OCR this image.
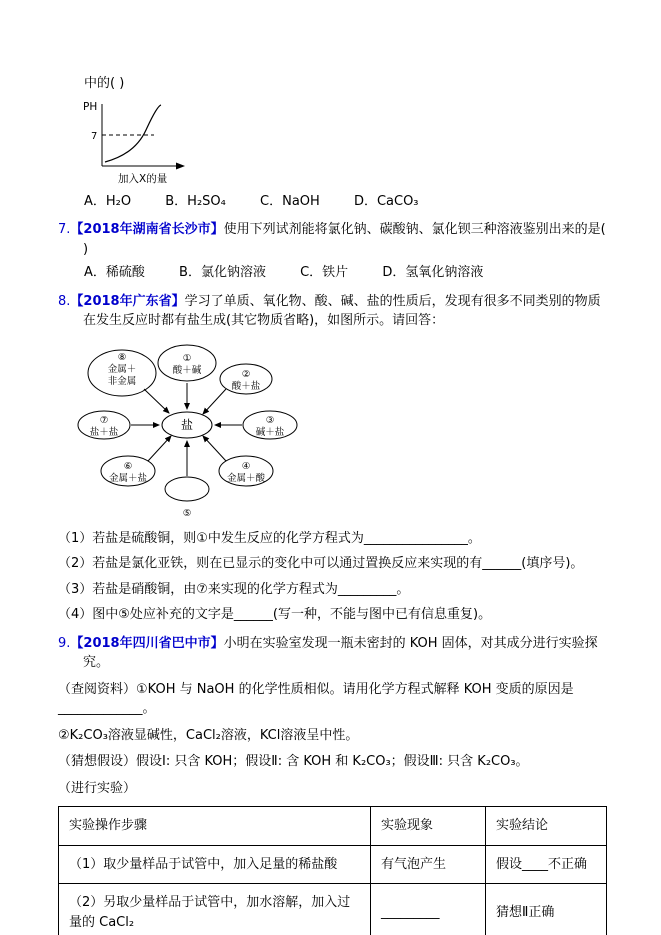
中的( )
PH
7
加入X的量
A．H₂O	B．H₂SO₄	C．NaOH	D．CaCO₃
7.【2018年湖南省长沙市】使用下列试剂能将氯化钠、碳酸钠、氯化钡三种溶液鉴别出来的是( )
A．稀硫酸	B．氯化钠溶液	C．铁片	D．氢氧化钠溶液
8.【2018年广东省】学习了单质、氧化物、酸、碱、盐的性质后，发现有很多不同类别的物质在发生反应时都有盐生成(其它物质省略)，如图所示。请回答：
盐
①
酸＋碱	②
酸＋盐
③
碱＋盐
④
金属＋酸
⑤
⑥
金属＋盐
⑦
盐＋盐
⑧
金属＋
非金属
（1）若盐是硫酸铜，则①中发生反应的化学方程式为________________。
（2）若盐是氯化亚铁，则在已显示的变化中可以通过置换反应来实现的有______(填序号)。
（3）若盐是硝酸铜，由⑦来实现的化学方程式为_________。
（4）图中⑤处应补充的文字是______(写一种，不能与图中已有信息重复)。
9.【2018年四川省巴中市】小明在实验室发现一瓶未密封的 KOH 固体，对其成分进行实验探究。
（查阅资料）①KOH 与 NaOH 的化学性质相似。请用化学方程式解释 KOH 变质的原因是_____________。
②K₂CO₃溶液显碱性，CaCl₂溶液，KCl溶液呈中性。
（猜想假设）假设Ⅰ: 只含 KOH；假设Ⅱ: 含 KOH 和 K₂CO₃；假设Ⅲ: 只含 K₂CO₃。
（进行实验）
实验操作步骤	实验现象	实验结论
（1）取少量样品于试管中，加入足量的稀盐酸	有气泡产生	假设____不正确
（2）另取少量样品于试管中，加水溶解，加入过量的 CaCl₂	_________	猜想Ⅱ正确
